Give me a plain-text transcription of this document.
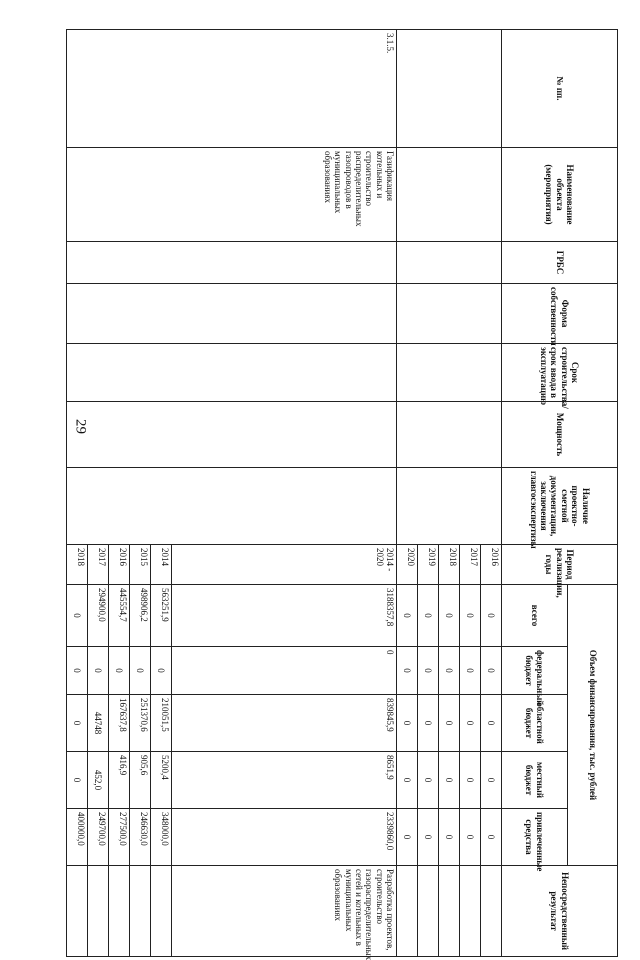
29
№ пп.	Наименование объекта (мероприятия)	ГРБС	Форма собственности	Срок строительства/срок ввода в эксплуатацию	Мощность	Наличие проектно-сметной документации, заключения главгосэкспертизы	Период реализации, годы	Объем финансирования, тыс. рублей					Непосредственный результат
								всего	федеральный бюджет	областной бюджет	местный бюджет	привлеченные средства	
							2016	0	0	0	0	0	
							2017	0	0	0	0	0	
							2018	0	0	0	0	0	
							2019	0	0	0	0	0	
							2020	0	0	0	0	0	
3.1.5.	Газификация котельных и строительство распределительных газопроводов в муниципальных образованиях						2014 - 2020	3188357,8	0	839845,9	8651,9	2339860,0	Разработка проектов, строительство газораспределительных сетей и котельных в муниципальных образованиях
							2014	563251,9	0	210051,5	5200,4	348000,0	
							2015	498906,2	0	251370,6	905,6	246630,0	
							2016	445554,7	0	167637,8	416,9	277500,0	
							2017	294900,0	0	44748	452,0	249700,0	
							2018	0	0	0	0	400000,0	
